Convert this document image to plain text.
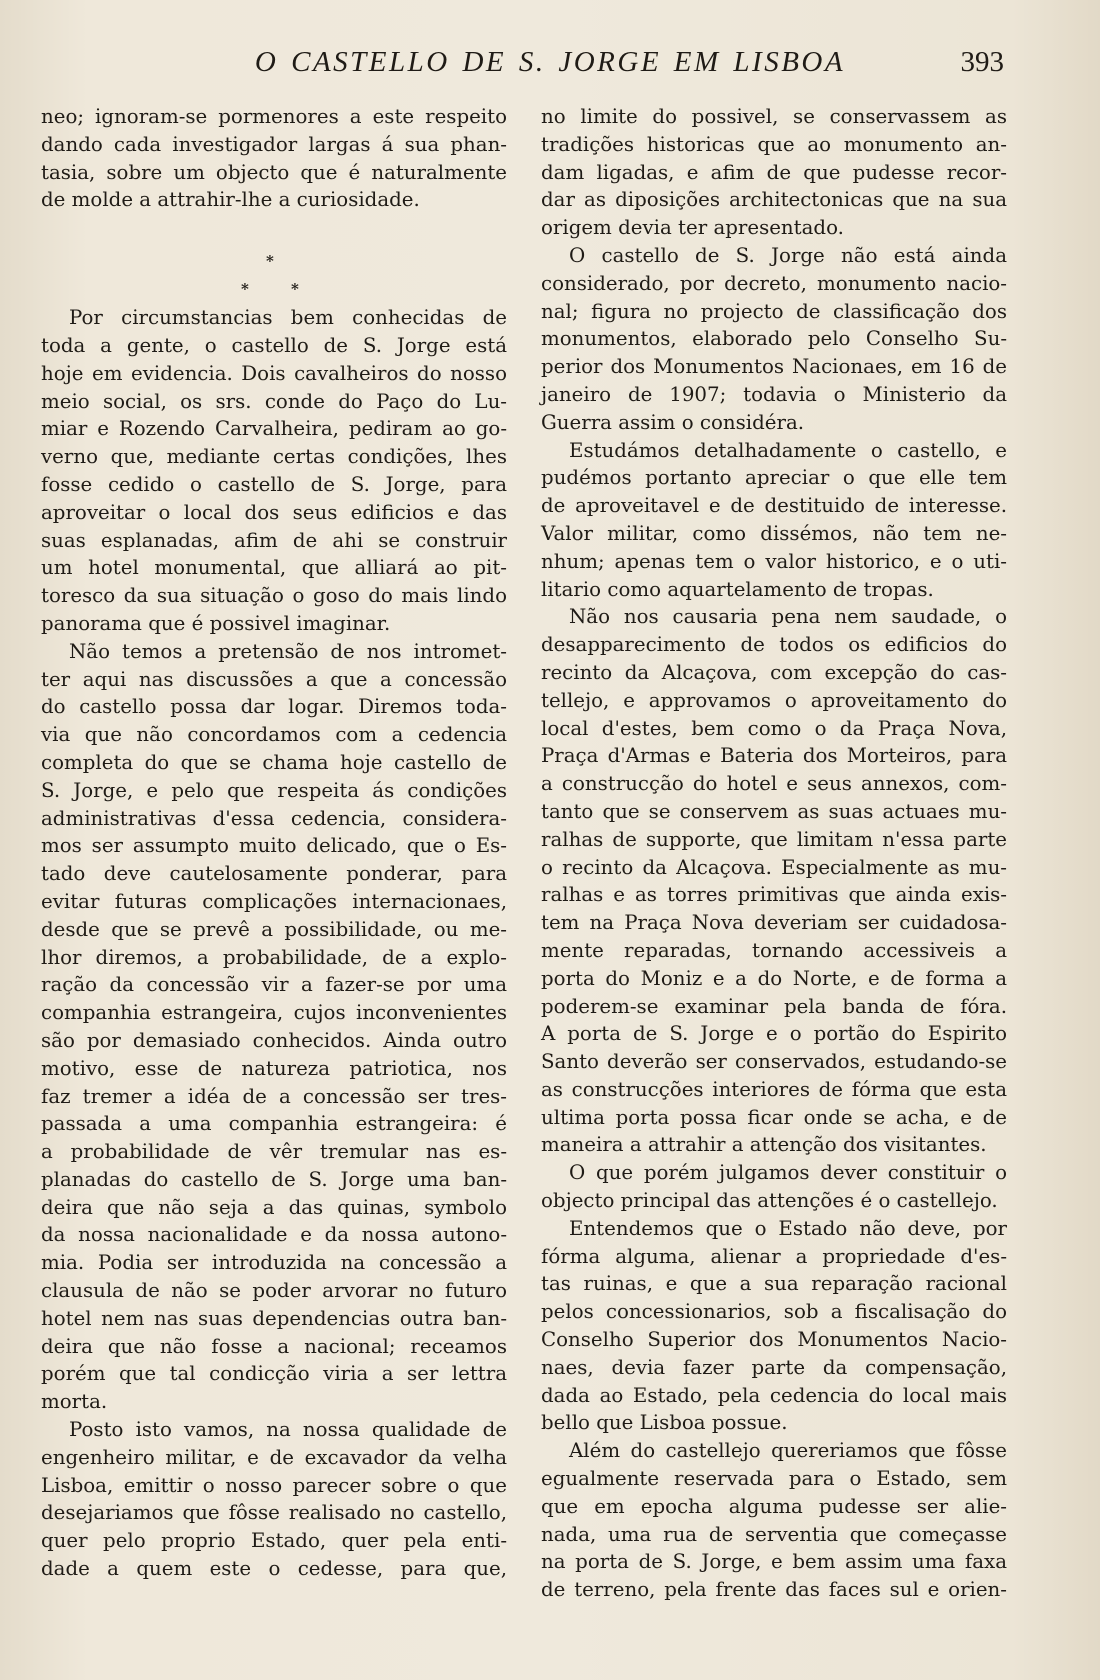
O CASTELLO DE S. JORGE EM LISBOA	393
neo; ignoram-se pormenores a este respeito
dando cada investigador largas á sua phan-
tasia, sobre um objecto que é naturalmente
de molde a attrahir-lhe a curiosidade.
*
*	*
Por circumstancias bem conhecidas de
toda a gente, o castello de S. Jorge está
hoje em evidencia. Dois cavalheiros do nosso
meio social, os srs. conde do Paço do Lu-
miar e Rozendo Carvalheira, pediram ao go-
verno que, mediante certas condições, lhes
fosse cedido o castello de S. Jorge, para
aproveitar o local dos seus edificios e das
suas esplanadas, afim de ahi se construir
um hotel monumental, que alliará ao pit-
toresco da sua situação o goso do mais lindo
panorama que é possivel imaginar.
Não temos a pretensão de nos intromet-
ter aqui nas discussões a que a concessão
do castello possa dar logar. Diremos toda-
via que não concordamos com a cedencia
completa do que se chama hoje castello de
S. Jorge, e pelo que respeita ás condições
administrativas d'essa cedencia, considera-
mos ser assumpto muito delicado, que o Es-
tado deve cautelosamente ponderar, para
evitar futuras complicações internacionaes,
desde que se prevê a possibilidade, ou me-
lhor diremos, a probabilidade, de a explo-
ração da concessão vir a fazer-se por uma
companhia estrangeira, cujos inconvenientes
são por demasiado conhecidos. Ainda outro
motivo, esse de natureza patriotica, nos
faz tremer a idéa de a concessão ser tres-
passada a uma companhia estrangeira: é
a probabilidade de vêr tremular nas es-
planadas do castello de S. Jorge uma ban-
deira que não seja a das quinas, symbolo
da nossa nacionalidade e da nossa autono-
mia. Podia ser introduzida na concessão a
clausula de não se poder arvorar no futuro
hotel nem nas suas dependencias outra ban-
deira que não fosse a nacional; receamos
porém que tal condicção viria a ser lettra
morta.
Posto isto vamos, na nossa qualidade de
engenheiro militar, e de excavador da velha
Lisboa, emittir o nosso parecer sobre o que
desejariamos que fôsse realisado no castello,
quer pelo proprio Estado, quer pela enti-
dade a quem este o cedesse, para que,
no limite do possivel, se conservassem as
tradições historicas que ao monumento an-
dam ligadas, e afim de que pudesse recor-
dar as diposições architectonicas que na sua
origem devia ter apresentado.
O castello de S. Jorge não está ainda
considerado, por decreto, monumento nacio-
nal; figura no projecto de classificação dos
monumentos, elaborado pelo Conselho Su-
perior dos Monumentos Nacionaes, em 16 de
janeiro de 1907; todavia o Ministerio da
Guerra assim o considéra.
Estudámos detalhadamente o castello, e
pudémos portanto apreciar o que elle tem
de aproveitavel e de destituido de interesse.
Valor militar, como dissémos, não tem ne-
nhum; apenas tem o valor historico, e o uti-
litario como aquartelamento de tropas.
Não nos causaria pena nem saudade, o
desapparecimento de todos os edificios do
recinto da Alcaçova, com excepção do cas-
tellejo, e approvamos o aproveitamento do
local d'estes, bem como o da Praça Nova,
Praça d'Armas e Bateria dos Morteiros, para
a construcção do hotel e seus annexos, com-
tanto que se conservem as suas actuaes mu-
ralhas de supporte, que limitam n'essa parte
o recinto da Alcaçova. Especialmente as mu-
ralhas e as torres primitivas que ainda exis-
tem na Praça Nova deveriam ser cuidadosa-
mente reparadas, tornando accessiveis a
porta do Moniz e a do Norte, e de forma a
poderem-se examinar pela banda de fóra.
A porta de S. Jorge e o portão do Espirito
Santo deverão ser conservados, estudando-se
as construcções interiores de fórma que esta
ultima porta possa ficar onde se acha, e de
maneira a attrahir a attenção dos visitantes.
O que porém julgamos dever constituir o
objecto principal das attenções é o castellejo.
Entendemos que o Estado não deve, por
fórma alguma, alienar a propriedade d'es-
tas ruinas, e que a sua reparação racional
pelos concessionarios, sob a fiscalisação do
Conselho Superior dos Monumentos Nacio-
naes, devia fazer parte da compensação,
dada ao Estado, pela cedencia do local mais
bello que Lisboa possue.
Além do castellejo quereriamos que fôsse
egualmente reservada para o Estado, sem
que em epocha alguma pudesse ser alie-
nada, uma rua de serventia que começasse
na porta de S. Jorge, e bem assim uma faxa
de terreno, pela frente das faces sul e orien-
